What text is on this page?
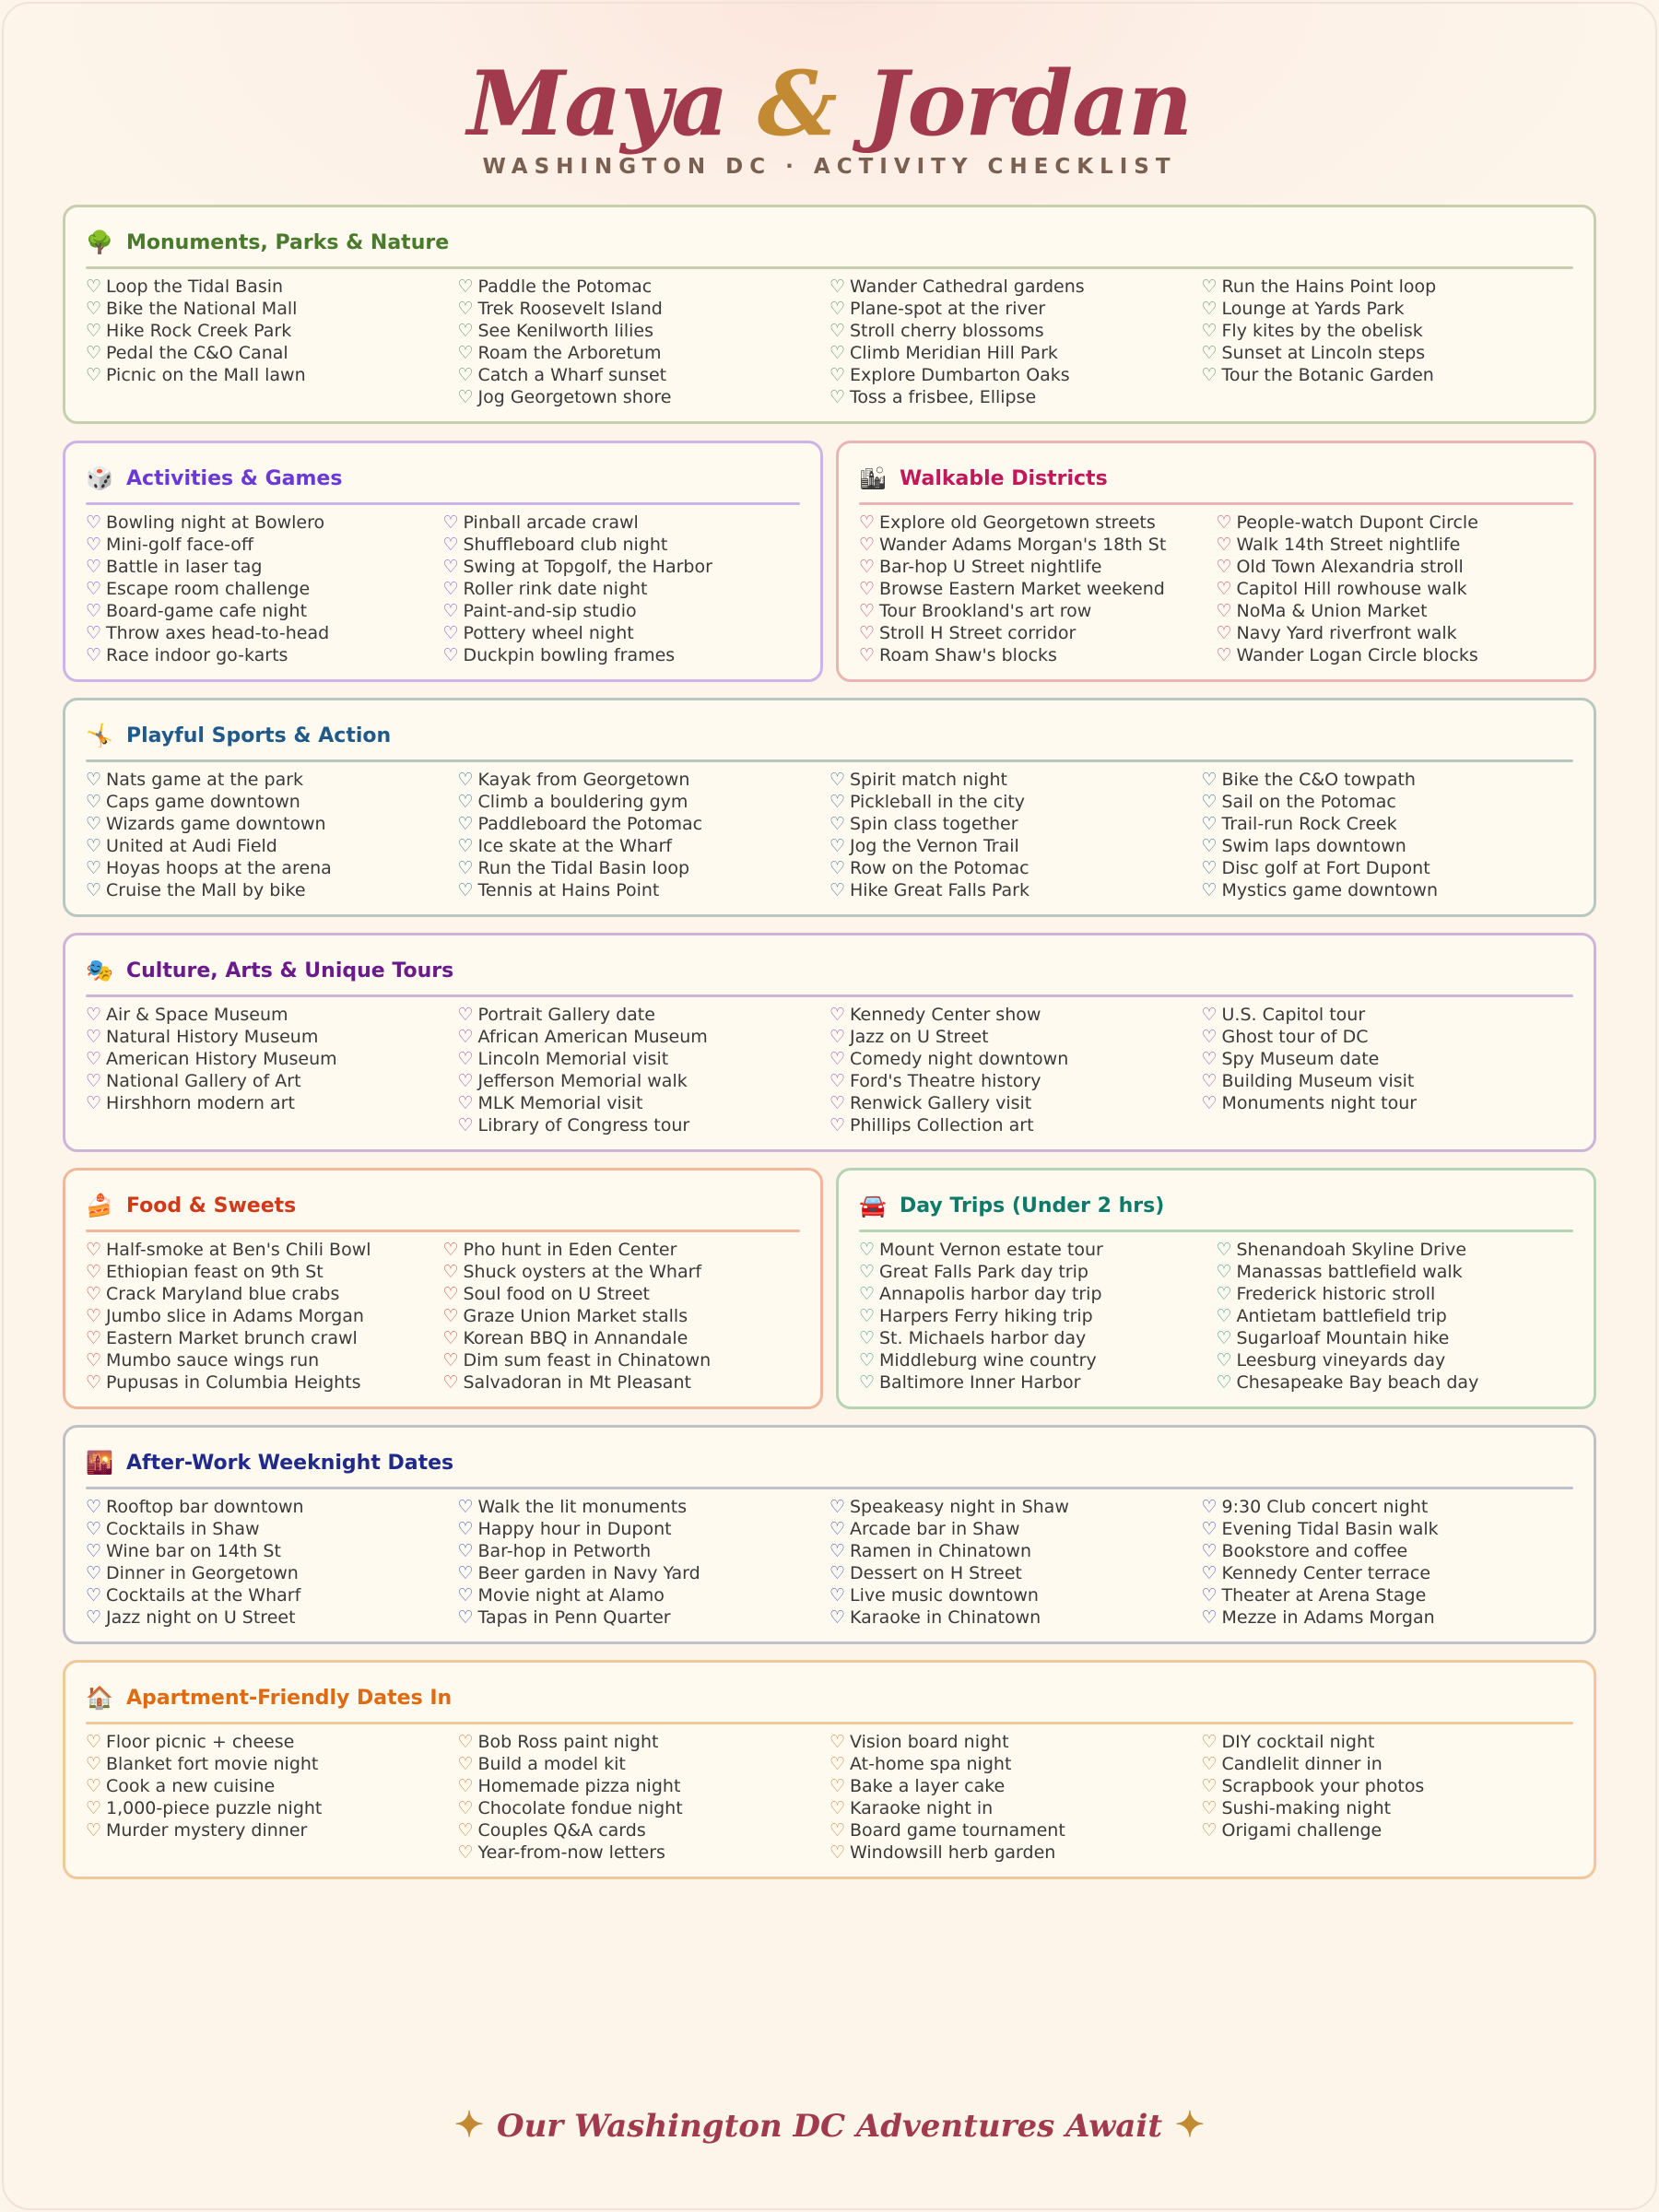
Maya & Jordan
WASHINGTON DC · ACTIVITY CHECKLIST
🌳 Monuments, Parks & Nature
♡ Loop the Tidal Basin
♡ Bike the National Mall
♡ Hike Rock Creek Park
♡ Pedal the C&O Canal
♡ Picnic on the Mall lawn
♡ Paddle the Potomac
♡ Trek Roosevelt Island
♡ See Kenilworth lilies
♡ Roam the Arboretum
♡ Catch a Wharf sunset
♡ Jog Georgetown shore
♡ Wander Cathedral gardens
♡ Plane-spot at the river
♡ Stroll cherry blossoms
♡ Climb Meridian Hill Park
♡ Explore Dumbarton Oaks
♡ Toss a frisbee, Ellipse
♡ Run the Hains Point loop
♡ Lounge at Yards Park
♡ Fly kites by the obelisk
♡ Sunset at Lincoln steps
♡ Tour the Botanic Garden
🎲 Activities & Games
♡ Bowling night at Bowlero
♡ Mini-golf face-off
♡ Battle in laser tag
♡ Escape room challenge
♡ Board-game cafe night
♡ Throw axes head-to-head
♡ Race indoor go-karts
♡ Pinball arcade crawl
♡ Shuffleboard club night
♡ Swing at Topgolf, the Harbor
♡ Roller rink date night
♡ Paint-and-sip studio
♡ Pottery wheel night
♡ Duckpin bowling frames
🏙 Walkable Districts
♡ Explore old Georgetown streets
♡ Wander Adams Morgan's 18th St
♡ Bar-hop U Street nightlife
♡ Browse Eastern Market weekend
♡ Tour Brookland's art row
♡ Stroll H Street corridor
♡ Roam Shaw's blocks
♡ People-watch Dupont Circle
♡ Walk 14th Street nightlife
♡ Old Town Alexandria stroll
♡ Capitol Hill rowhouse walk
♡ NoMa & Union Market
♡ Navy Yard riverfront walk
♡ Wander Logan Circle blocks
🤸 Playful Sports & Action
♡ Nats game at the park
♡ Caps game downtown
♡ Wizards game downtown
♡ United at Audi Field
♡ Hoyas hoops at the arena
♡ Cruise the Mall by bike
♡ Kayak from Georgetown
♡ Climb a bouldering gym
♡ Paddleboard the Potomac
♡ Ice skate at the Wharf
♡ Run the Tidal Basin loop
♡ Tennis at Hains Point
♡ Spirit match night
♡ Pickleball in the city
♡ Spin class together
♡ Jog the Vernon Trail
♡ Row on the Potomac
♡ Hike Great Falls Park
♡ Bike the C&O towpath
♡ Sail on the Potomac
♡ Trail-run Rock Creek
♡ Swim laps downtown
♡ Disc golf at Fort Dupont
♡ Mystics game downtown
🎭 Culture, Arts & Unique Tours
♡ Air & Space Museum
♡ Natural History Museum
♡ American History Museum
♡ National Gallery of Art
♡ Hirshhorn modern art
♡ Portrait Gallery date
♡ African American Museum
♡ Lincoln Memorial visit
♡ Jefferson Memorial walk
♡ MLK Memorial visit
♡ Library of Congress tour
♡ Kennedy Center show
♡ Jazz on U Street
♡ Comedy night downtown
♡ Ford's Theatre history
♡ Renwick Gallery visit
♡ Phillips Collection art
♡ U.S. Capitol tour
♡ Ghost tour of DC
♡ Spy Museum date
♡ Building Museum visit
♡ Monuments night tour
🍰 Food & Sweets
♡ Half-smoke at Ben's Chili Bowl
♡ Ethiopian feast on 9th St
♡ Crack Maryland blue crabs
♡ Jumbo slice in Adams Morgan
♡ Eastern Market brunch crawl
♡ Mumbo sauce wings run
♡ Pupusas in Columbia Heights
♡ Pho hunt in Eden Center
♡ Shuck oysters at the Wharf
♡ Soul food on U Street
♡ Graze Union Market stalls
♡ Korean BBQ in Annandale
♡ Dim sum feast in Chinatown
♡ Salvadoran in Mt Pleasant
🚘 Day Trips (Under 2 hrs)
♡ Mount Vernon estate tour
♡ Great Falls Park day trip
♡ Annapolis harbor day trip
♡ Harpers Ferry hiking trip
♡ St. Michaels harbor day
♡ Middleburg wine country
♡ Baltimore Inner Harbor
♡ Shenandoah Skyline Drive
♡ Manassas battlefield walk
♡ Frederick historic stroll
♡ Antietam battlefield trip
♡ Sugarloaf Mountain hike
♡ Leesburg vineyards day
♡ Chesapeake Bay beach day
🌇 After-Work Weeknight Dates
♡ Rooftop bar downtown
♡ Cocktails in Shaw
♡ Wine bar on 14th St
♡ Dinner in Georgetown
♡ Cocktails at the Wharf
♡ Jazz night on U Street
♡ Walk the lit monuments
♡ Happy hour in Dupont
♡ Bar-hop in Petworth
♡ Beer garden in Navy Yard
♡ Movie night at Alamo
♡ Tapas in Penn Quarter
♡ Speakeasy night in Shaw
♡ Arcade bar in Shaw
♡ Ramen in Chinatown
♡ Dessert on H Street
♡ Live music downtown
♡ Karaoke in Chinatown
♡ 9:30 Club concert night
♡ Evening Tidal Basin walk
♡ Bookstore and coffee
♡ Kennedy Center terrace
♡ Theater at Arena Stage
♡ Mezze in Adams Morgan
🏠 Apartment-Friendly Dates In
♡ Floor picnic + cheese
♡ Blanket fort movie night
♡ Cook a new cuisine
♡ 1,000-piece puzzle night
♡ Murder mystery dinner
♡ Bob Ross paint night
♡ Build a model kit
♡ Homemade pizza night
♡ Chocolate fondue night
♡ Couples Q&A cards
♡ Year-from-now letters
♡ Vision board night
♡ At-home spa night
♡ Bake a layer cake
♡ Karaoke night in
♡ Board game tournament
♡ Windowsill herb garden
♡ DIY cocktail night
♡ Candlelit dinner in
♡ Scrapbook your photos
♡ Sushi-making night
♡ Origami challenge
✦ Our Washington DC Adventures Await ✦
